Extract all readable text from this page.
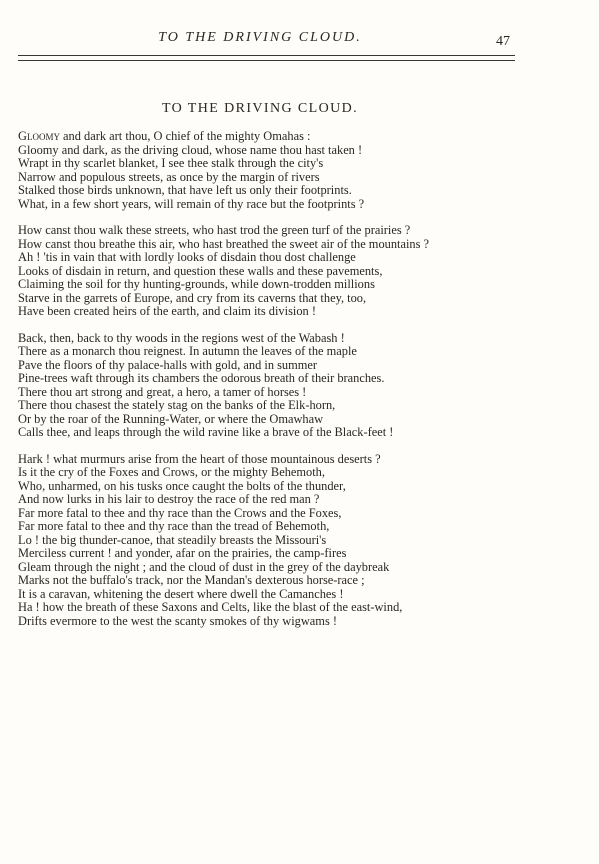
TO THE DRIVING CLOUD.	47
TO THE DRIVING CLOUD.
Gloomy and dark art thou, O chief of the mighty Omahas :
Gloomy and dark, as the driving cloud, whose name thou hast taken !
Wrapt in thy scarlet blanket, I see thee stalk through the city's
Narrow and populous streets, as once by the margin of rivers
Stalked those birds unknown, that have left us only their footprints.
What, in a few short years, will remain of thy race but the footprints ?
How canst thou walk these streets, who hast trod the green turf of the prairies ?
How canst thou breathe this air, who hast breathed the sweet air of the mountains ?
Ah ! 'tis in vain that with lordly looks of disdain thou dost challenge
Looks of disdain in return, and question these walls and these pavements,
Claiming the soil for thy hunting-grounds, while down-trodden millions
Starve in the garrets of Europe, and cry from its caverns that they, too,
Have been created heirs of the earth, and claim its division !
Back, then, back to thy woods in the regions west of the Wabash !
There as a monarch thou reignest. In autumn the leaves of the maple
Pave the floors of thy palace-halls with gold, and in summer
Pine-trees waft through its chambers the odorous breath of their branches.
There thou art strong and great, a hero, a tamer of horses !
There thou chasest the stately stag on the banks of the Elk-horn,
Or by the roar of the Running-Water, or where the Omawhaw
Calls thee, and leaps through the wild ravine like a brave of the Black-feet !
Hark ! what murmurs arise from the heart of those mountainous deserts ?
Is it the cry of the Foxes and Crows, or the mighty Behemoth,
Who, unharmed, on his tusks once caught the bolts of the thunder,
And now lurks in his lair to destroy the race of the red man ?
Far more fatal to thee and thy race than the Crows and the Foxes,
Far more fatal to thee and thy race than the tread of Behemoth,
Lo ! the big thunder-canoe, that steadily breasts the Missouri's
Merciless current ! and yonder, afar on the prairies, the camp-fires
Gleam through the night ; and the cloud of dust in the grey of the daybreak
Marks not the buffalo's track, nor the Mandan's dexterous horse-race ;
It is a caravan, whitening the desert where dwell the Camanches !
Ha ! how the breath of these Saxons and Celts, like the blast of the east-wind,
Drifts evermore to the west the scanty smokes of thy wigwams !
